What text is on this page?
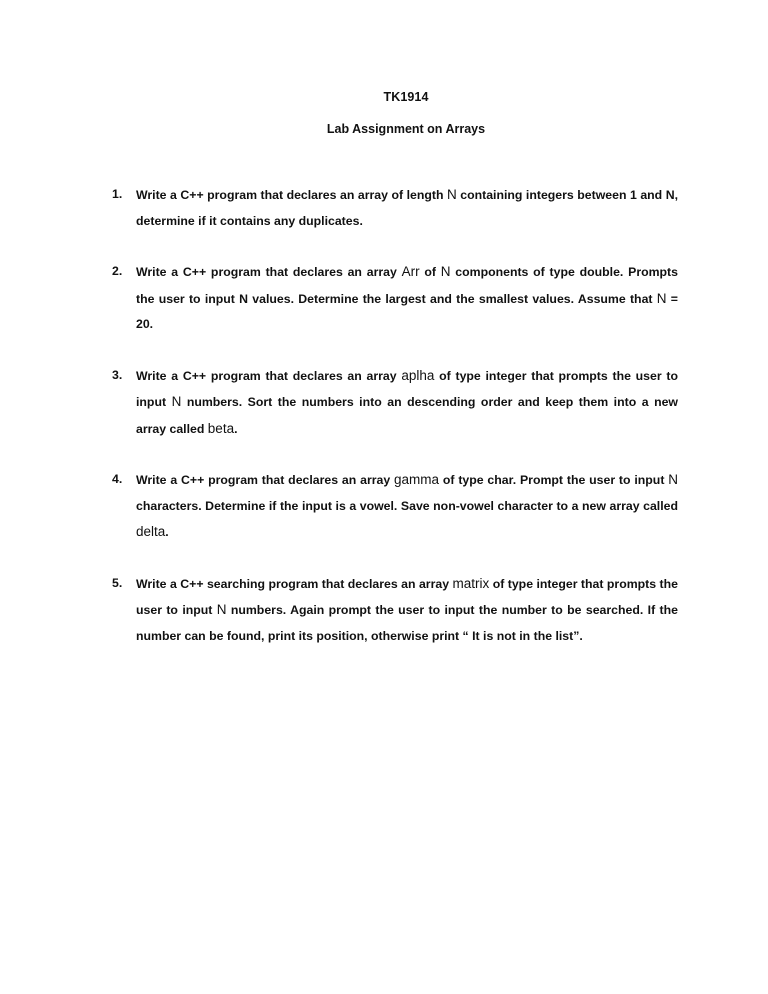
TK1914
Lab Assignment on Arrays
1. Write a C++ program that declares an array of length N containing integers between 1 and N, determine if it contains any duplicates.
2. Write a C++ program that declares an array Arr of N components of type double. Prompts the user to input N values. Determine the largest and the smallest values. Assume that N = 20.
3. Write a C++ program that declares an array aplha of type integer that prompts the user to input N numbers. Sort the numbers into an descending order and keep them into a new array called beta.
4. Write a C++ program that declares an array gamma of type char. Prompt the user to input N characters. Determine if the input is a vowel. Save non-vowel character to a new array called delta.
5. Write a C++ searching program that declares an array matrix of type integer that prompts the user to input N numbers. Again prompt the user to input the number to be searched. If the number can be found, print its position, otherwise print “ It is not in the list”.
